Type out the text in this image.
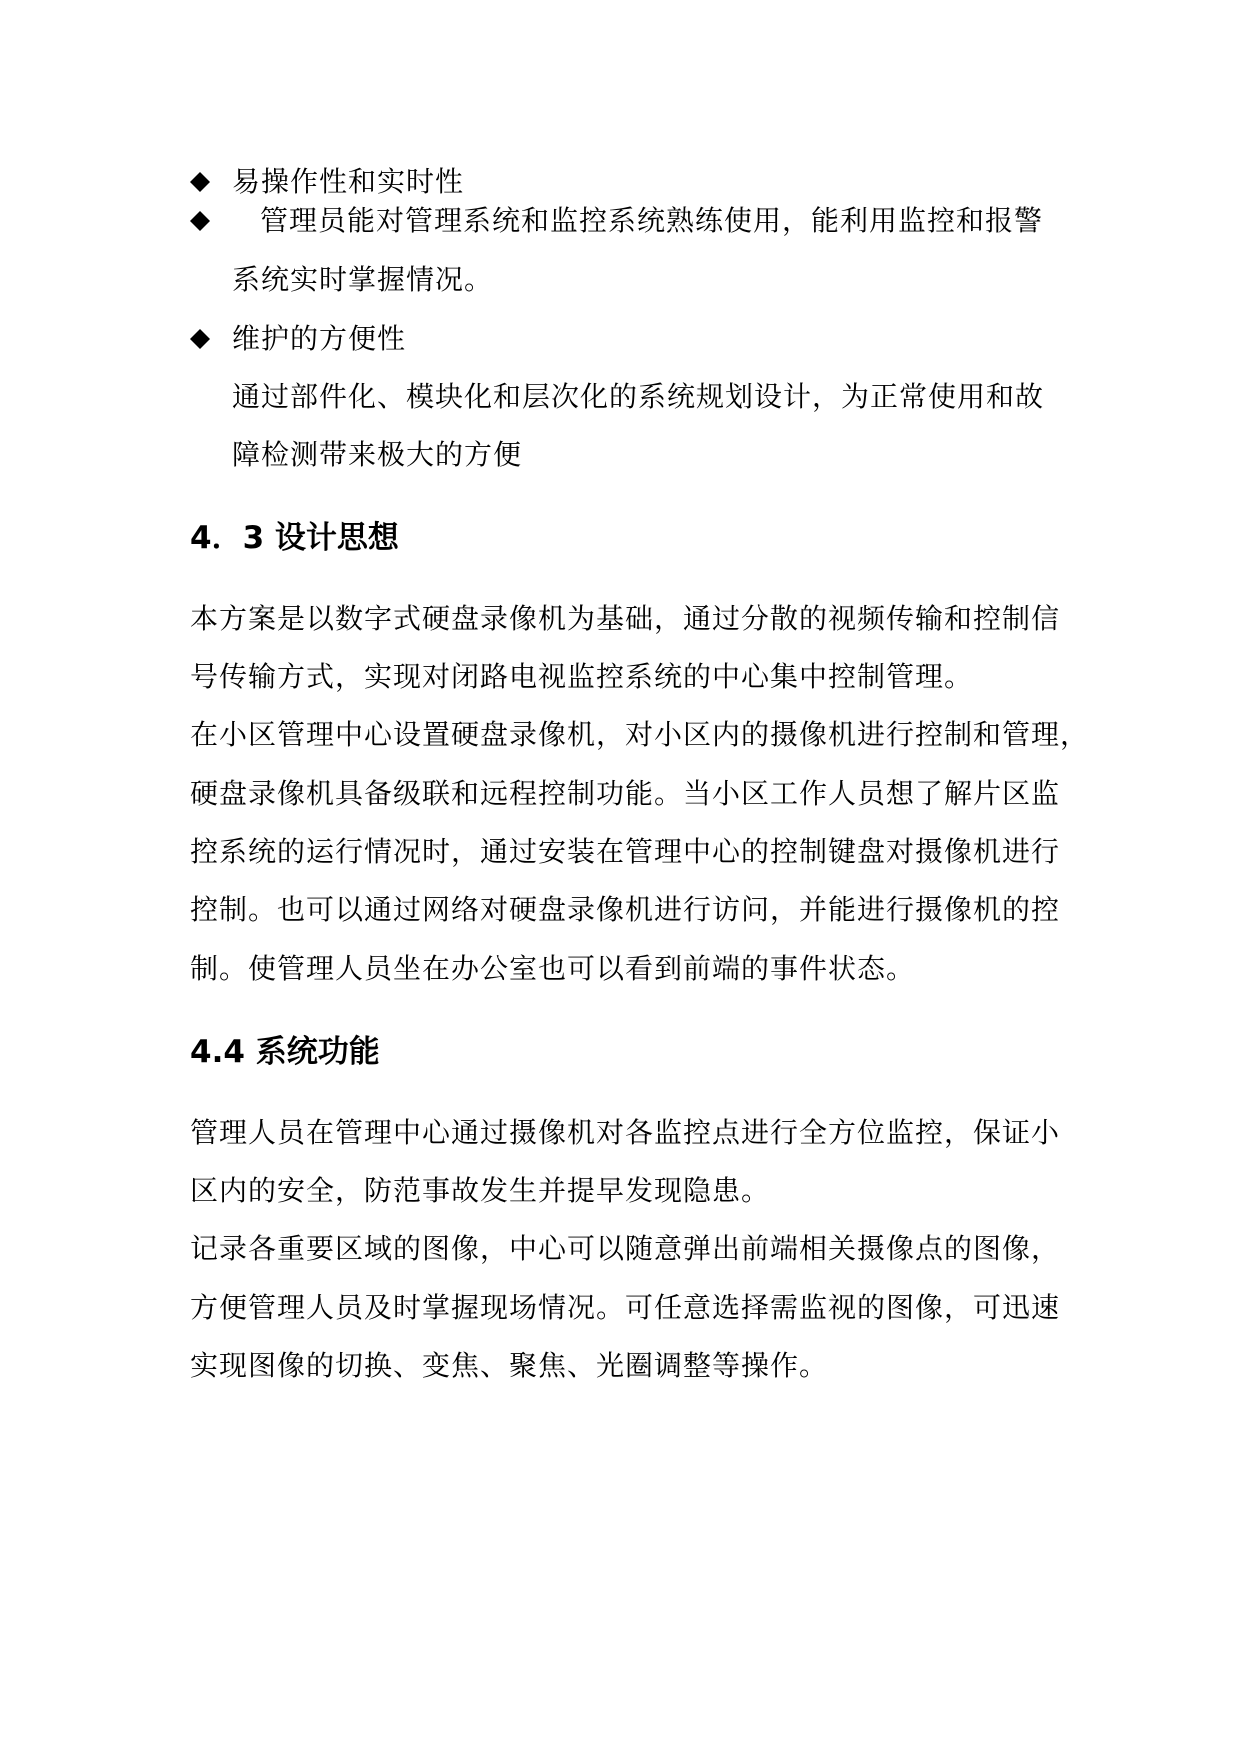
易操作性和实时性
管理员能对管理系统和监控系统熟练使用，能利用监控和报警
系统实时掌握情况。
维护的方便性
通过部件化、模块化和层次化的系统规划设计，为正常使用和故
障检测带来极大的方便
4．3 设计思想
本方案是以数字式硬盘录像机为基础，通过分散的视频传输和控制信
号传输方式，实现对闭路电视监控系统的中心集中控制管理。
在小区管理中心设置硬盘录像机，对小区内的摄像机进行控制和管理，
硬盘录像机具备级联和远程控制功能。当小区工作人员想了解片区监
控系统的运行情况时，通过安装在管理中心的控制键盘对摄像机进行
控制。也可以通过网络对硬盘录像机进行访问，并能进行摄像机的控
制。使管理人员坐在办公室也可以看到前端的事件状态。
4.4 系统功能
管理人员在管理中心通过摄像机对各监控点进行全方位监控，保证小
区内的安全，防范事故发生并提早发现隐患。
记录各重要区域的图像，中心可以随意弹出前端相关摄像点的图像，
方便管理人员及时掌握现场情况。可任意选择需监视的图像，可迅速
实现图像的切换、变焦、聚焦、光圈调整等操作。
